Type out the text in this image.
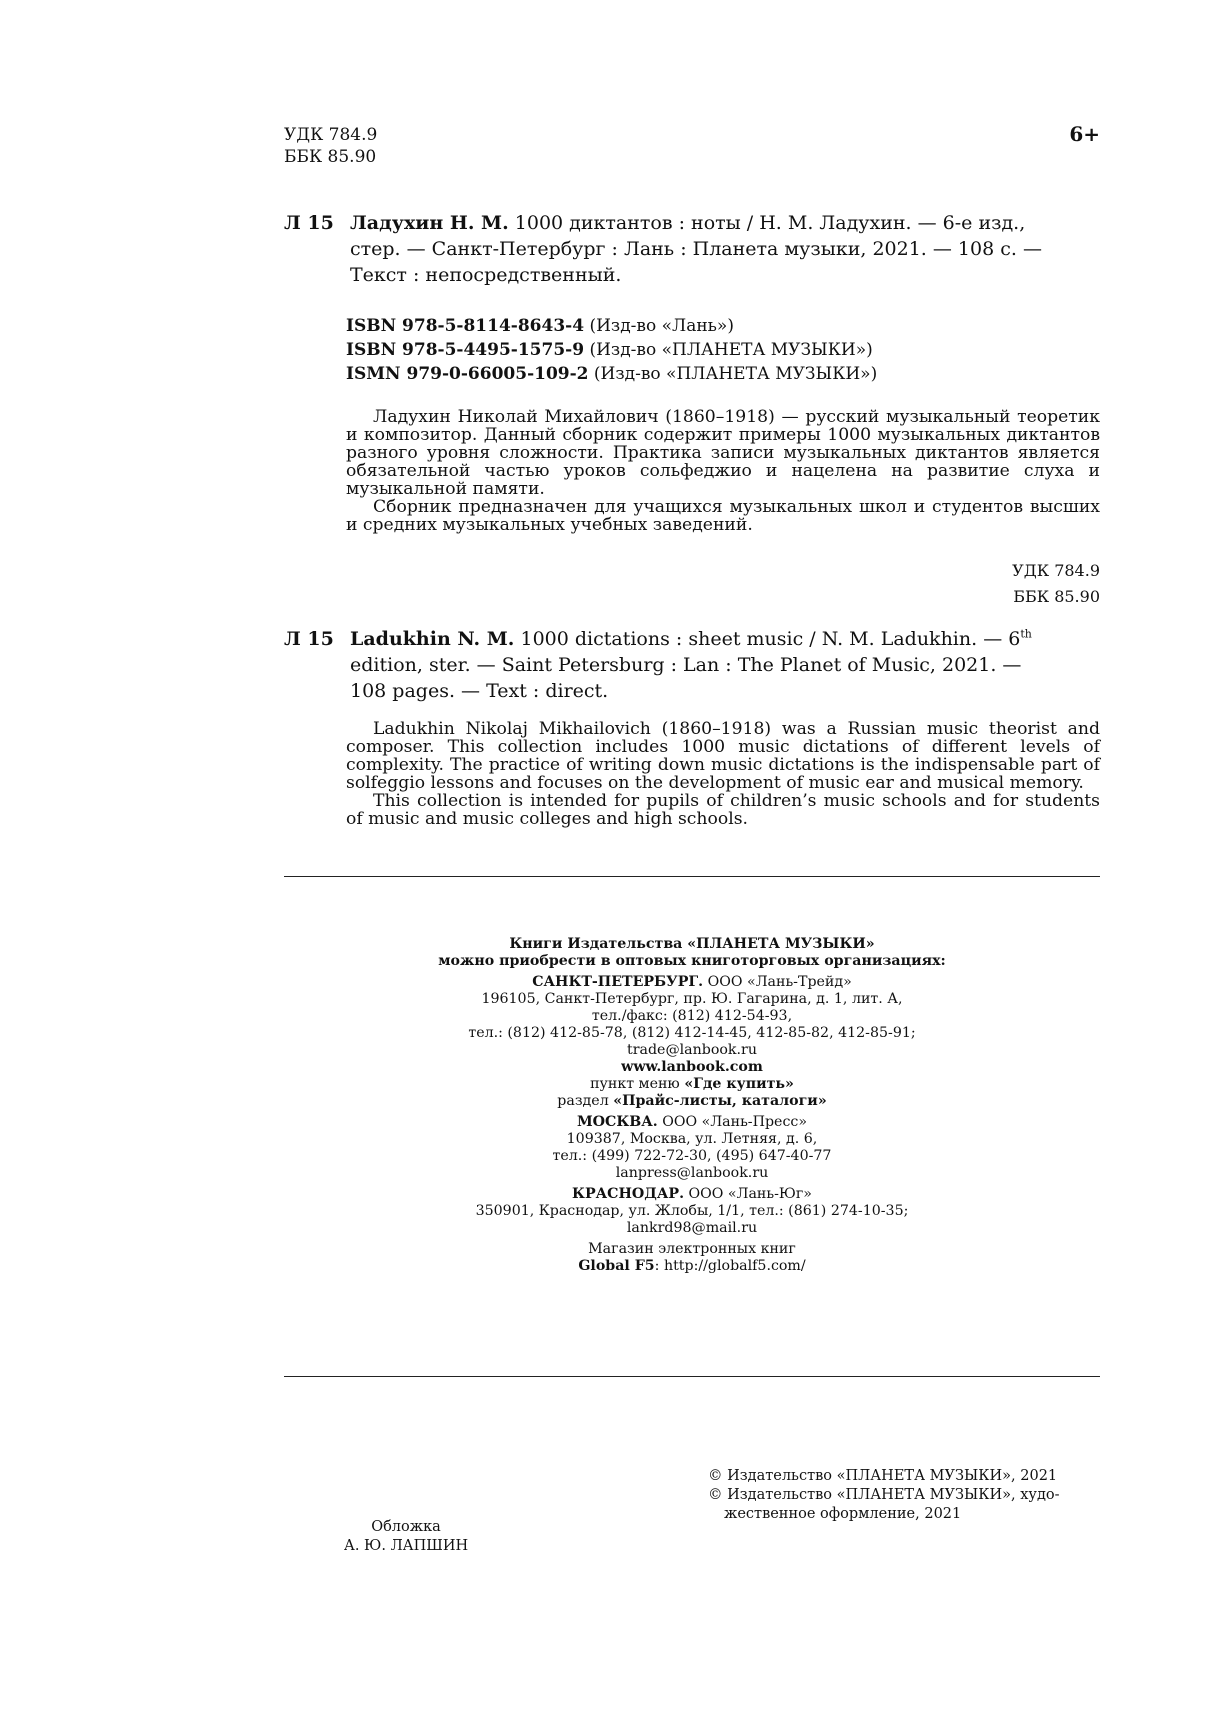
УДК 784.9
ББК 85.90
6+
Л 15 Ладухин Н. М. 1000 диктантов : ноты / Н. М. Ладухин. — 6-е изд.,
стер. — Санкт-Петербург : Лань : Планета музыки, 2021. — 108 с. —
Текст : непосредственный.
ISBN 978-5-8114-8643-4 (Изд-во «Лань»)
ISBN 978-5-4495-1575-9 (Изд-во «ПЛАНЕТА МУЗЫКИ»)
ISMN 979-0-66005-109-2 (Изд-во «ПЛАНЕТА МУЗЫКИ»)

Ладухин Николай Михайлович (1860–1918) — русский музыкальный теоретик и композитор. Данный сборник содержит примеры 1000 музыкальных диктантов разного уровня сложности. Практика записи музыкальных диктантов является обязательной частью уроков сольфеджио и нацелена на развитие слуха и музыкальной памяти.

Сборник предназначен для учащихся музыкальных школ и студентов высших и средних музыкальных учебных заведений.

УДК 784.9
ББК 85.90
Л 15 Ladukhin N. M. 1000 dictations : sheet music / N. M. Ladukhin. — 6th
edition, ster. — Saint Petersburg : Lan : The Planet of Music, 2021. —
108 pages. — Text : direct.

Ladukhin Nikolaj Mikhailovich (1860–1918) was a Russian music theorist and composer. This collection includes 1000 music dictations of different levels of complexity. The practice of writing down music dictations is the indispensable part of solfeggio lessons and focuses on the development of music ear and musical memory.

This collection is intended for pupils of children’s music schools and for students of music and music colleges and high schools.

Книги Издательства «ПЛАНЕТА МУЗЫКИ»
можно приобрести в оптовых книготорговых организациях:
САНКТ-ПЕТЕРБУРГ. ООО «Лань-Трейд»
196105, Санкт-Петербург, пр. Ю. Гагарина, д. 1, лит. А,
тел./факс: (812) 412-54-93,
тел.: (812) 412-85-78, (812) 412-14-45, 412-85-82, 412-85-91;
trade@lanbook.ru
www.lanbook.com
пункт меню «Где купить»
раздел «Прайс-листы, каталоги»
МОСКВА. ООО «Лань-Пресс»
109387, Москва, ул. Летняя, д. 6,
тел.: (499) 722-72-30, (495) 647-40-77
lanpress@lanbook.ru
КРАСНОДАР. ООО «Лань-Юг»
350901, Краснодар, ул. Жлобы, 1/1, тел.: (861) 274-10-35;
lankrd98@mail.ru
Магазин электронных книг
Global F5: http://globalf5.com/
© Издательство «ПЛАНЕТА МУЗЫКИ», 2021
© Издательство «ПЛАНЕТА МУЗЫКИ», худо-
жественное оформление, 2021
Обложка
А. Ю. ЛАПШИН
